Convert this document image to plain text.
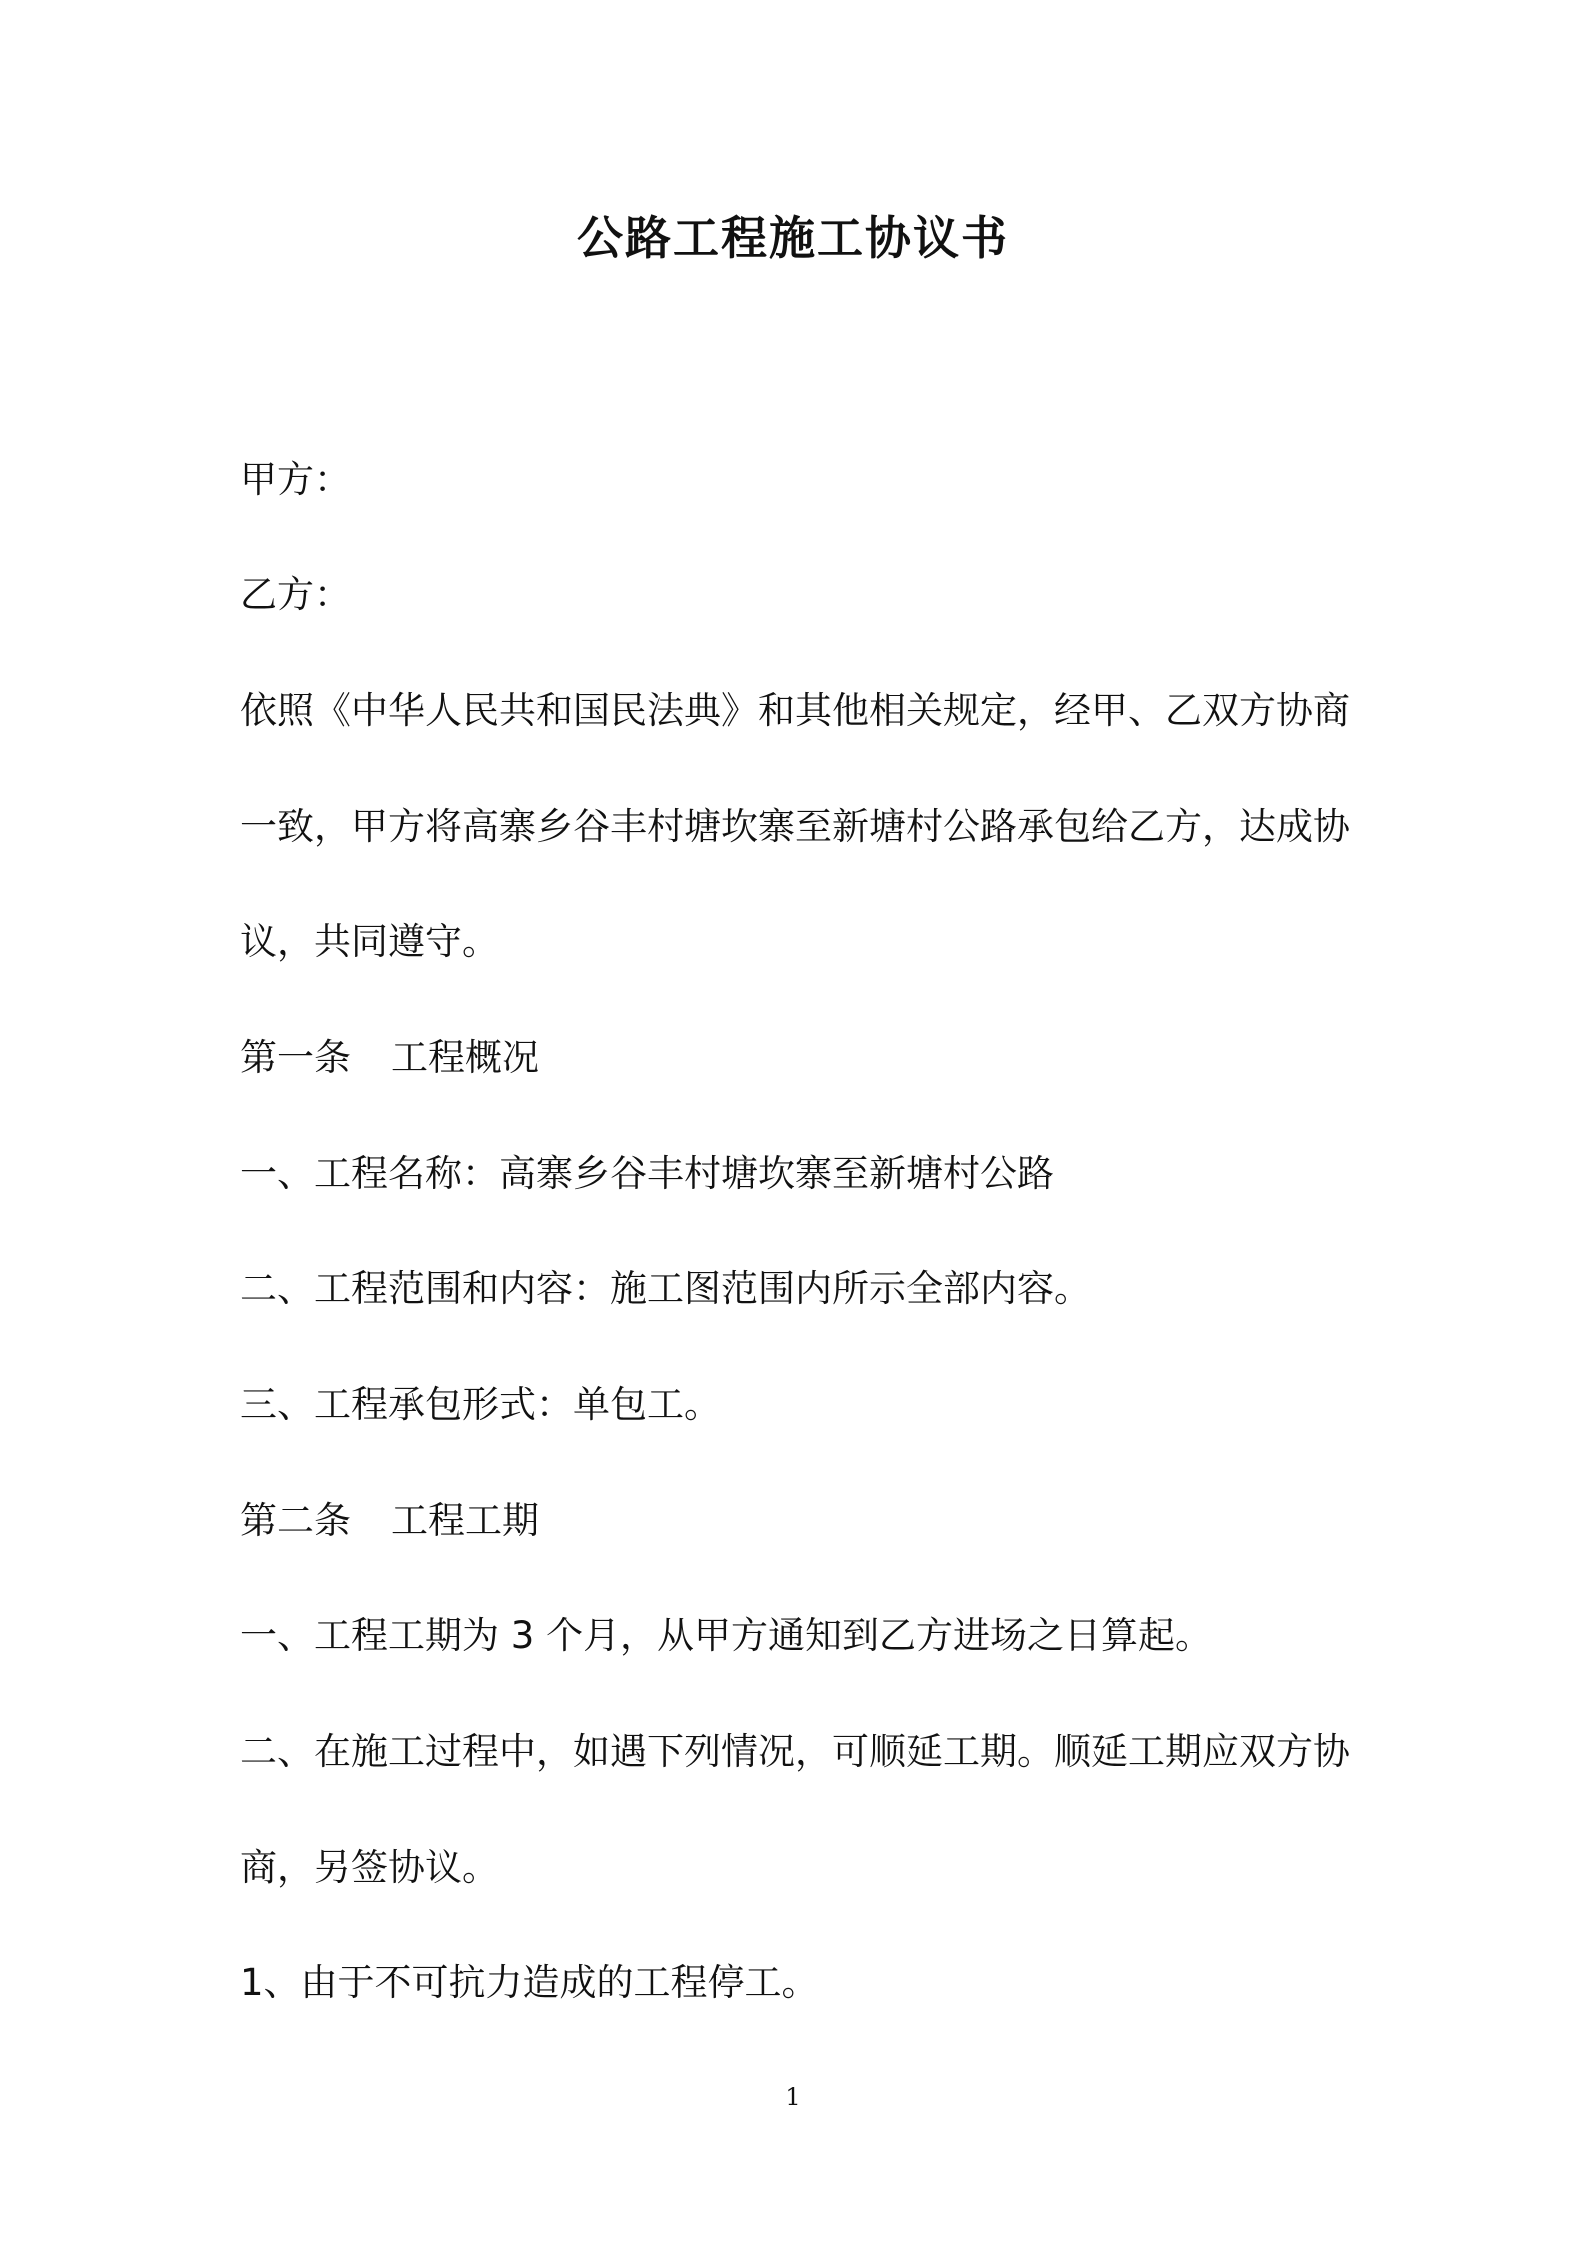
公路工程施工协议书
甲方：
乙方：
依照《中华人民共和国民法典》和其他相关规定，经甲、乙双方协商
一致，甲方将高寨乡谷丰村塘坎寨至新塘村公路承包给乙方，达成协
议，共同遵守。
第一条 工程概况
一、工程名称：高寨乡谷丰村塘坎寨至新塘村公路
二、工程范围和内容：施工图范围内所示全部内容。
三、工程承包形式：单包工。
第二条 工程工期
一、工程工期为 3 个月，从甲方通知到乙方进场之日算起。
二、在施工过程中，如遇下列情况，可顺延工期。顺延工期应双方协
商，另签协议。
1、由于不可抗力造成的工程停工。
1
